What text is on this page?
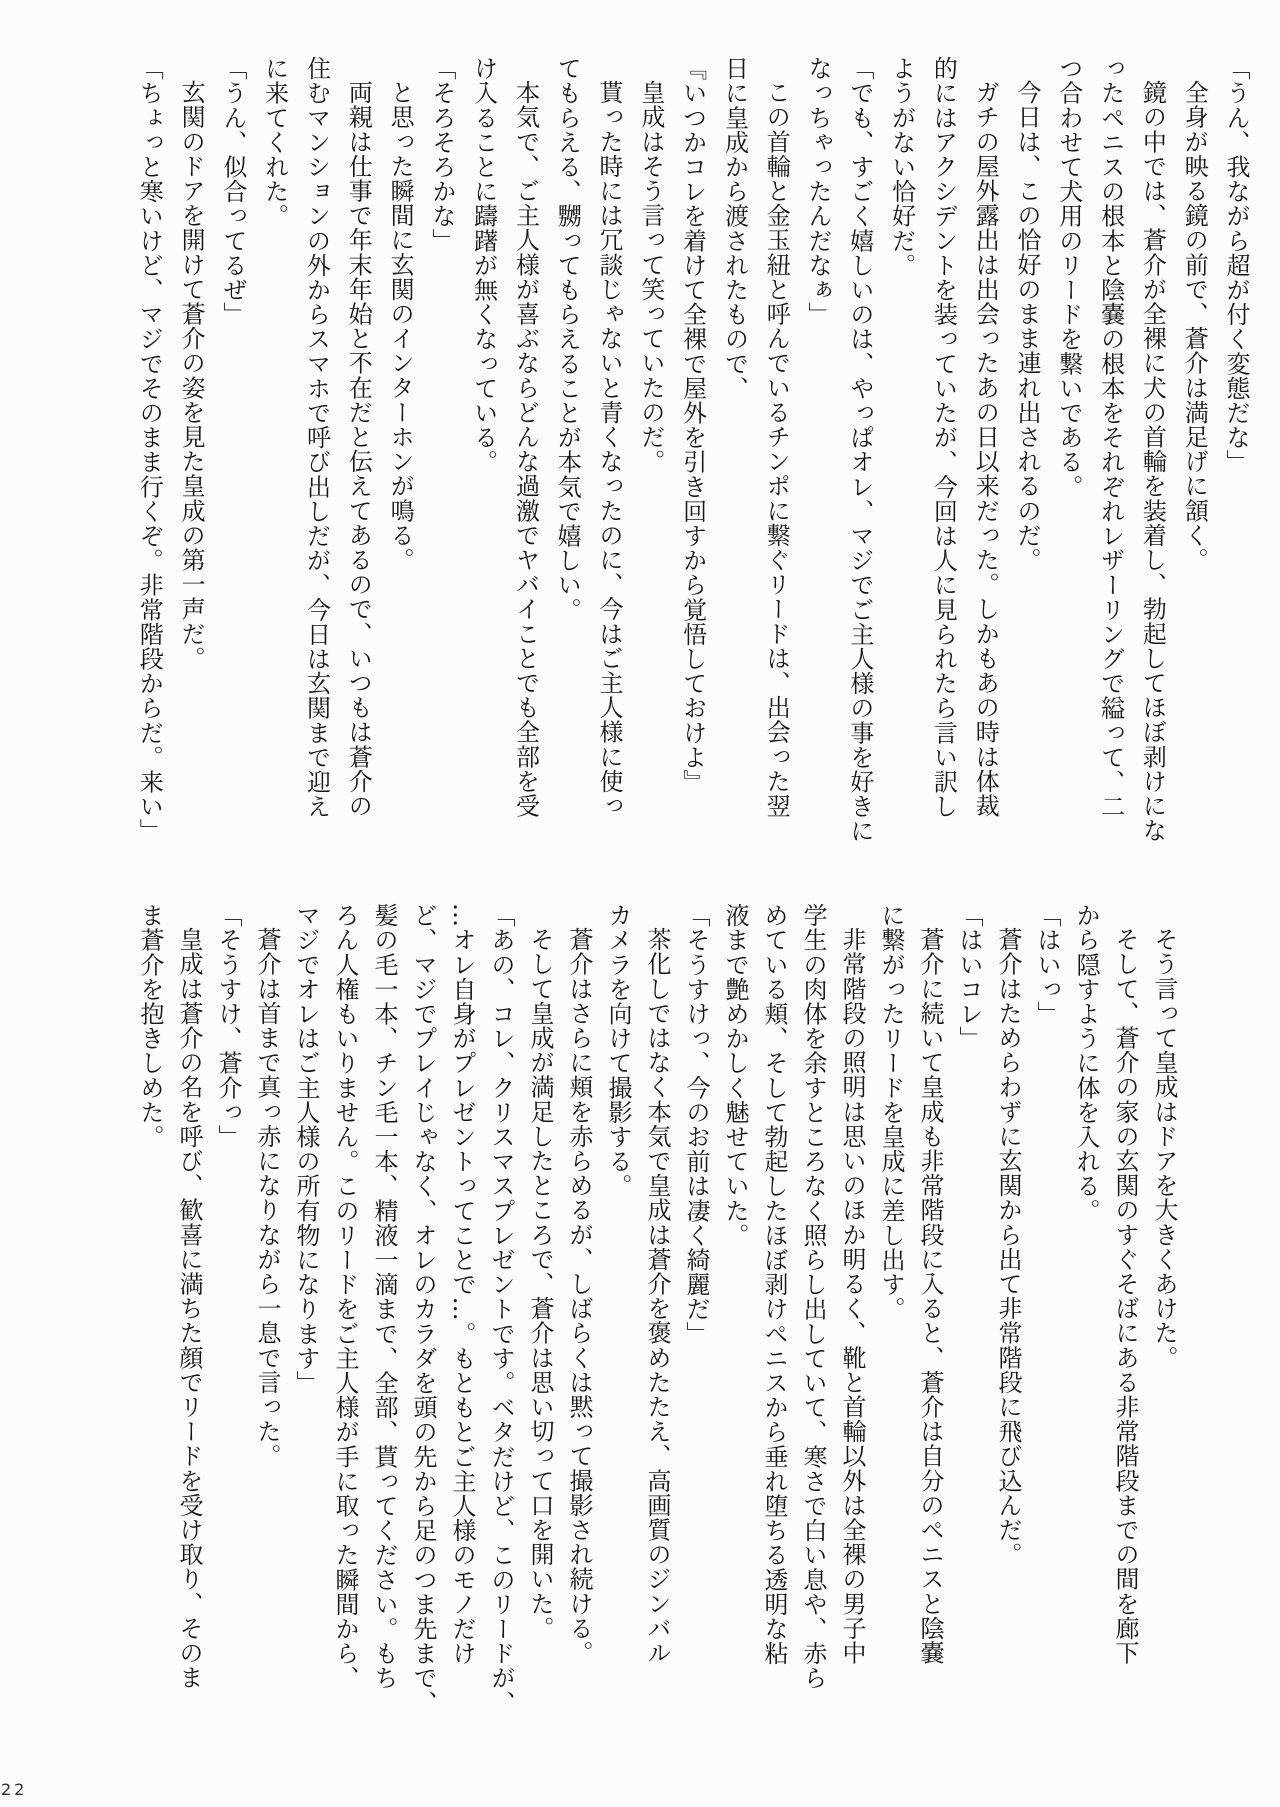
「うん、我ながら超が付く変態だな」

全身が映る鏡の前で、蒼介は満足げに頷く。

鏡の中では、蒼介が全裸に犬の首輪を装着し、勃起してほぼ剥けにな

ったペニスの根本と陰嚢の根本をそれぞれレザーリングで縊って、二

つ合わせて犬用のリードを繋いである。

今日は、この恰好のまま連れ出されるのだ。

ガチの屋外露出は出会ったあの日以来だった。しかもあの時は体裁

的にはアクシデントを装っていたが、今回は人に見られたら言い訳し

ようがない恰好だ。

「でも、すごく嬉しいのは、やっぱオレ、マジでご主人様の事を好きに

なっちゃったんだなぁ」

この首輪と金玉紐と呼んでいるチンポに繋ぐリードは、出会った翌

日に皇成から渡されたもので、

『いつかコレを着けて全裸で屋外を引き回すから覚悟しておけよ』

皇成はそう言って笑っていたのだ。

貰った時には冗談じゃないと青くなったのに、今はご主人様に使っ

てもらえる、嬲ってもらえることが本気で嬉しい。

本気で、ご主人様が喜ぶならどんな過激でヤバイことでも全部を受

け入ることに躊躇が無くなっている。

「そろそろかな」

と思った瞬間に玄関のインターホンが鳴る。

両親は仕事で年末年始と不在だと伝えてあるので、いつもは蒼介の

住むマンションの外からスマホで呼び出しだが、今日は玄関まで迎え

に来てくれた。

「うん、似合ってるぜ」

玄関のドアを開けて蒼介の姿を見た皇成の第一声だ。

「ちょっと寒いけど、マジでそのまま行くぞ。非常階段からだ。来い」

そう言って皇成はドアを大きくあけた。

そして、蒼介の家の玄関のすぐそばにある非常階段までの間を廊下

から隠すように体を入れる。

「はいっ」

蒼介はためらわずに玄関から出て非常階段に飛び込んだ。

「はいコレ」

蒼介に続いて皇成も非常階段に入ると、蒼介は自分のペニスと陰嚢

に繋がったリードを皇成に差し出す。

非常階段の照明は思いのほか明るく、靴と首輪以外は全裸の男子中

学生の肉体を余すところなく照らし出していて、寒さで白い息や、赤ら

めている頬、そして勃起したほぼ剥けペニスから垂れ堕ちる透明な粘

液まで艶めかしく魅せていた。

「そうすけっ、今のお前は凄く綺麗だ」

茶化しではなく本気で皇成は蒼介を褒めたたえ、高画質のジンバル

カメラを向けて撮影する。

蒼介はさらに頬を赤らめるが、しばらくは黙って撮影され続ける。

そして皇成が満足したところで、蒼介は思い切って口を開いた。

「あの、コレ、クリスマスプレゼントです。ベタだけど、このリードが、

…オレ自身がプレゼントってことで…。もともとご主人様のモノだけ

ど、マジでプレイじゃなく、オレのカラダを頭の先から足のつま先まで、

髪の毛一本、チン毛一本、精液一滴まで、全部、貰ってください。もち

ろん人権もいりません。このリードをご主人様が手に取った瞬間から、

マジでオレはご主人様の所有物になります」

蒼介は首まで真っ赤になりながら一息で言った。

「そうすけ、蒼介っ」

皇成は蒼介の名を呼び、歓喜に満ちた顔でリードを受け取り、そのま

ま蒼介を抱きしめた。

22
